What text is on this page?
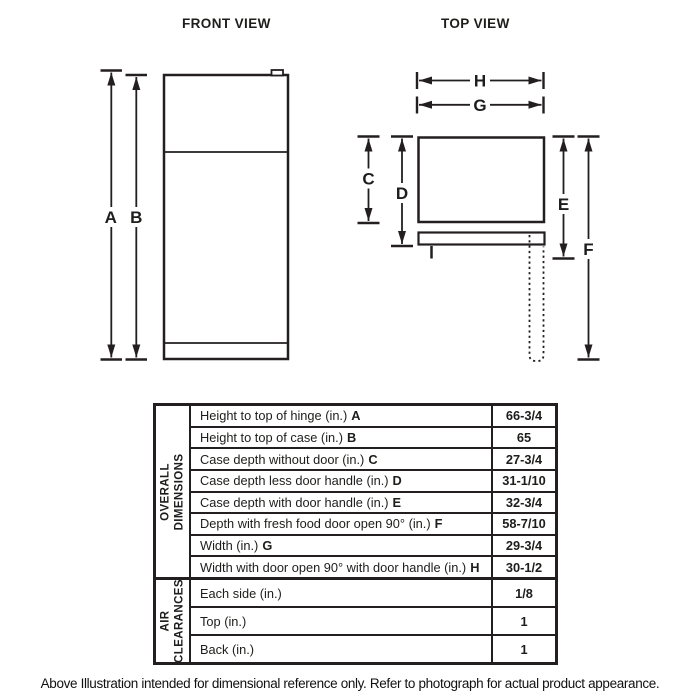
FRONT VIEW	TOP VIEW
A B
H
G
C
D
E
F
OVERALL DIMENSIONS
Height to top of hinge (in.) A	66-3/4
Height to top of case (in.) B	65
Case depth without door (in.) C	27-3/4
Case depth less door handle (in.) D	31-1/10
Case depth with door handle (in.) E	32-3/4
Depth with fresh food door open 90° (in.) F	58-7/10
Width (in.) G	29-3/4
Width with door open 90° with door handle (in.) H	30-1/2
AIR CLEARANCES Each side (in.)	1/8
Top (in.)	1
Back (in.)	1
Above Illustration intended for dimensional reference only. Refer to photograph for actual product appearance.
